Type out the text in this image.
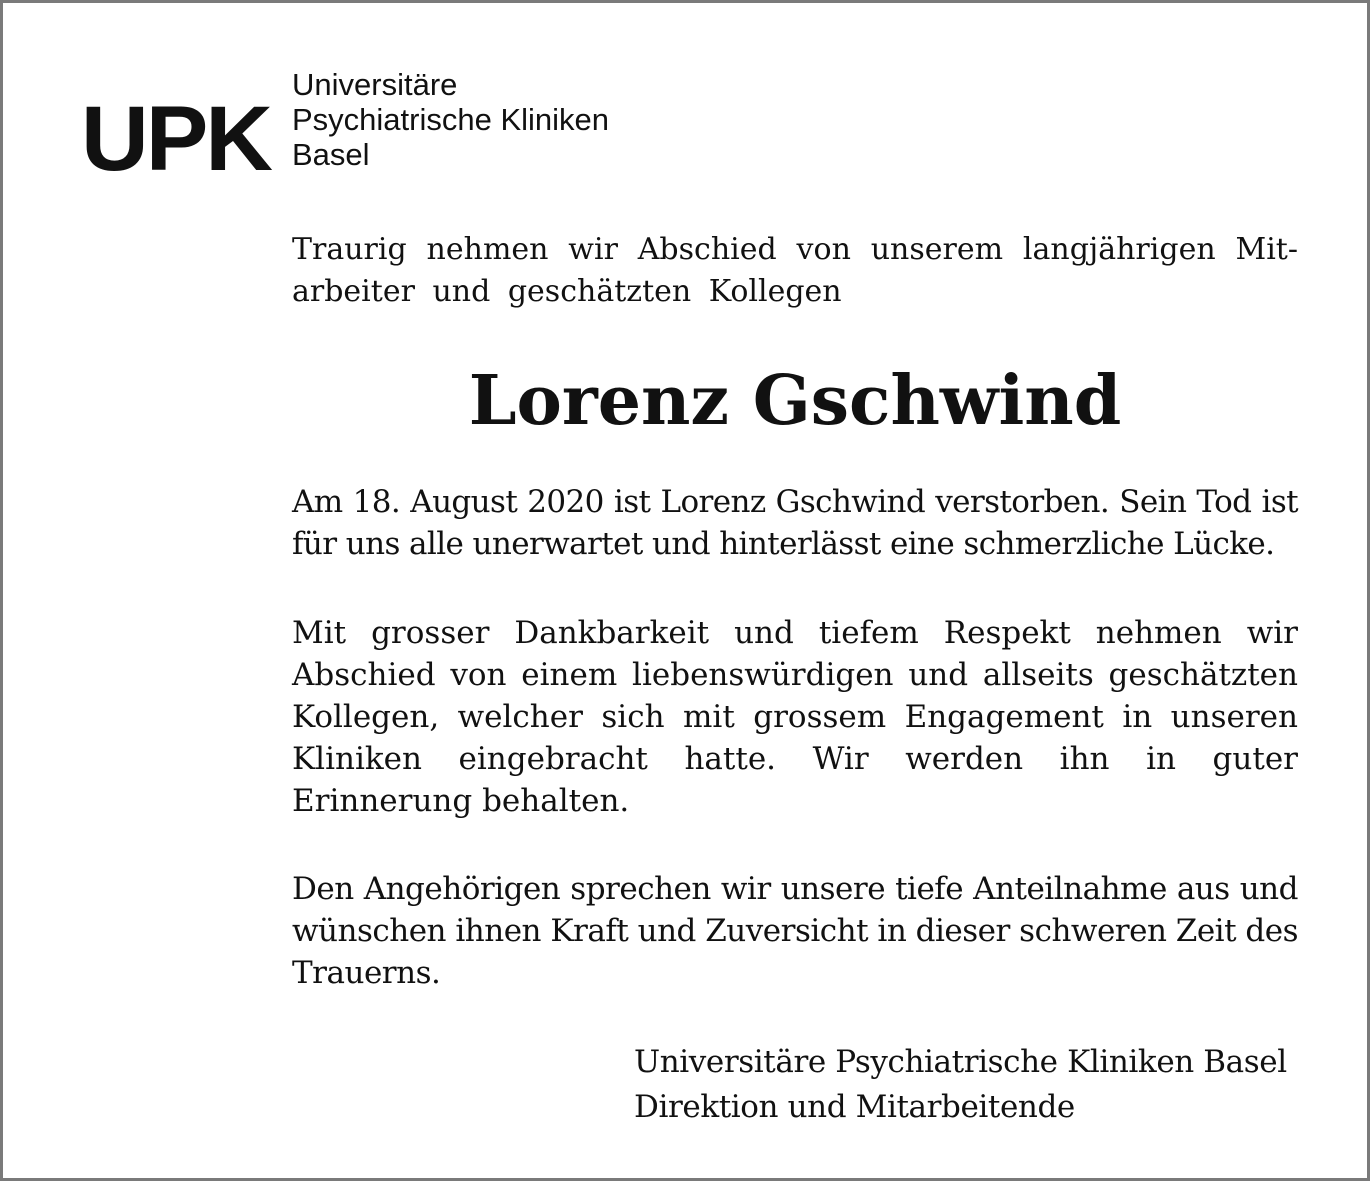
UPK
Universitäre
Psychiatrische Kliniken
Basel
Traurig nehmen wir Abschied von unserem langjährigen Mit-
arbeiter und geschätzten Kollegen
Lorenz Gschwind
Am 18. August 2020 ist Lorenz Gschwind verstorben. Sein Tod ist für uns alle unerwartet und hinterlässt eine schmerzliche Lücke.
Mit grosser Dankbarkeit und tiefem Respekt nehmen wir Abschied von einem liebenswürdigen und allseits geschätzten Kollegen, welcher sich mit grossem Engagement in unseren Kliniken eingebracht hatte. Wir werden ihn in guter Erinnerung behalten.
Den Angehörigen sprechen wir unsere tiefe Anteilnahme aus und wünschen ihnen Kraft und Zuversicht in dieser schweren Zeit des Trauerns.
Universitäre Psychiatrische Kliniken Basel
Direktion und Mitarbeitende
